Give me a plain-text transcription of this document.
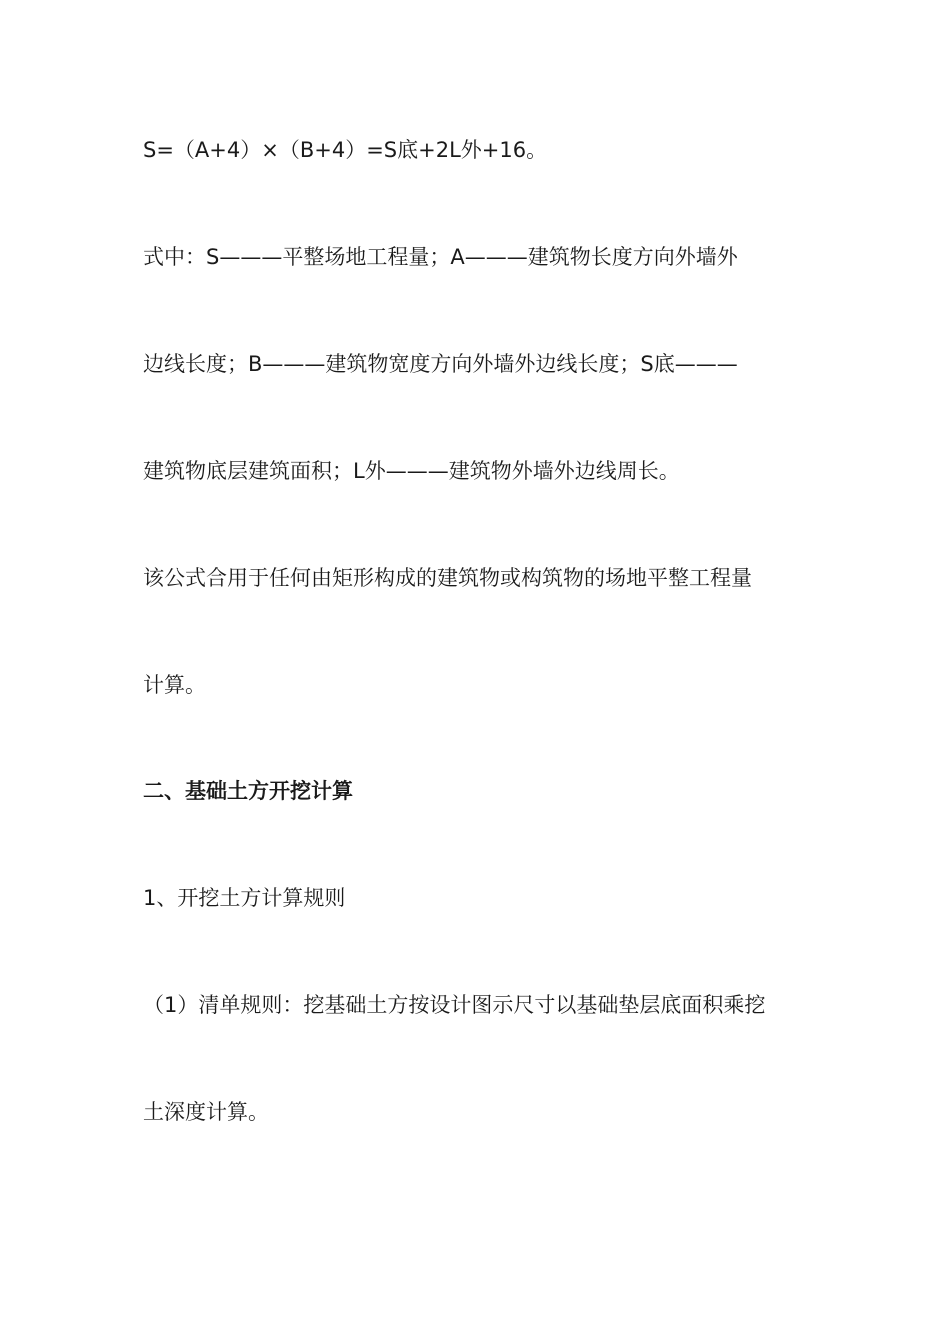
S=（A+4）×（B+4）=S底+2L外+16。
式中：S———平整场地工程量；A———建筑物长度方向外墙外
边线长度；B———建筑物宽度方向外墙外边线长度；S底———
建筑物底层建筑面积；L外———建筑物外墙外边线周长。
该公式合用于任何由矩形构成的建筑物或构筑物的场地平整工程量
计算。
二、基础土方开挖计算
1、开挖土方计算规则
（1）清单规则：挖基础土方按设计图示尺寸以基础垫层底面积乘挖
土深度计算。
